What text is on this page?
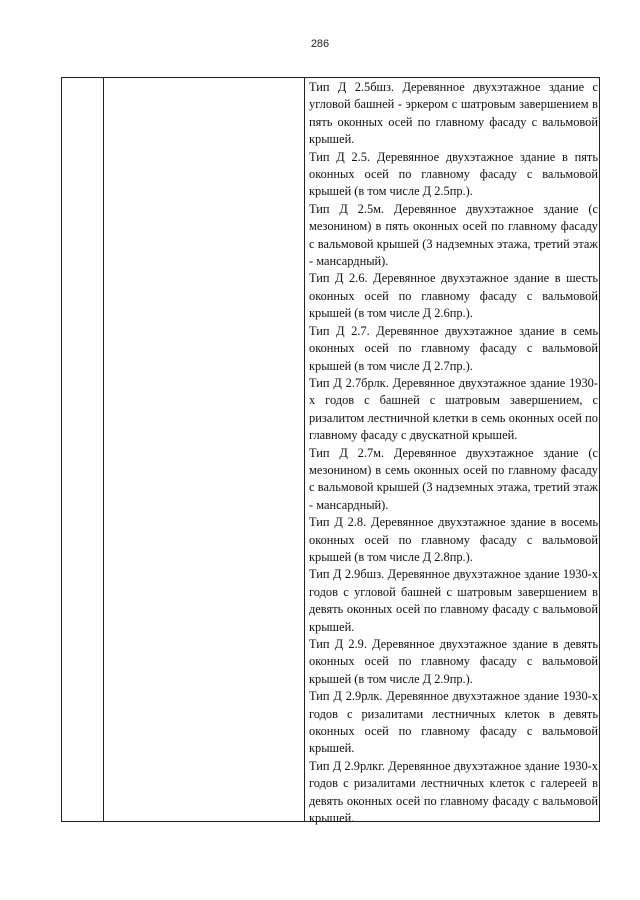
286

Тип Д 2.5бшз. Деревянное двухэтажное здание с угловой башней - эркером с шатровым завершением в пять оконных осей по главному фасаду с вальмовой крышей.

Тип Д 2.5. Деревянное двухэтажное здание в пять оконных осей по главному фасаду с вальмовой крышей (в том числе Д 2.5пр.).

Тип Д 2.5м. Деревянное двухэтажное здание (с мезонином) в пять оконных осей по главному фасаду с вальмовой крышей (3 надземных этажа, третий этаж - мансардный).

Тип Д 2.6. Деревянное двухэтажное здание в шесть оконных осей по главному фасаду с вальмовой крышей (в том числе Д 2.6пр.).

Тип Д 2.7. Деревянное двухэтажное здание в семь оконных осей по главному фасаду с вальмовой крышей (в том числе Д 2.7пр.).

Тип Д 2.7брлк. Деревянное двухэтажное здание 1930-х годов с башней с шатровым завершением, с ризалитом лестничной клетки в семь оконных осей по главному фасаду с двускатной крышей.

Тип Д 2.7м. Деревянное двухэтажное здание (с мезонином) в семь оконных осей по главному фасаду с вальмовой крышей (3 надземных этажа, третий этаж - мансардный).

Тип Д 2.8. Деревянное двухэтажное здание в восемь оконных осей по главному фасаду с вальмовой крышей (в том числе Д 2.8пр.).

Тип Д 2.9бшз. Деревянное двухэтажное здание 1930-х годов с угловой башней с шатровым завершением в девять оконных осей по главному фасаду с вальмовой крышей.

Тип Д 2.9. Деревянное двухэтажное здание в девять оконных осей по главному фасаду с вальмовой крышей (в том числе Д 2.9пр.).

Тип Д 2.9рлк. Деревянное двухэтажное здание 1930-х годов с ризалитами лестничных клеток в девять оконных осей по главному фасаду с вальмовой крышей.

Тип Д 2.9рлкг. Деревянное двухэтажное здание 1930-х годов с ризалитами лестничных клеток с галереей в девять оконных осей по главному фасаду с вальмовой крышей.
